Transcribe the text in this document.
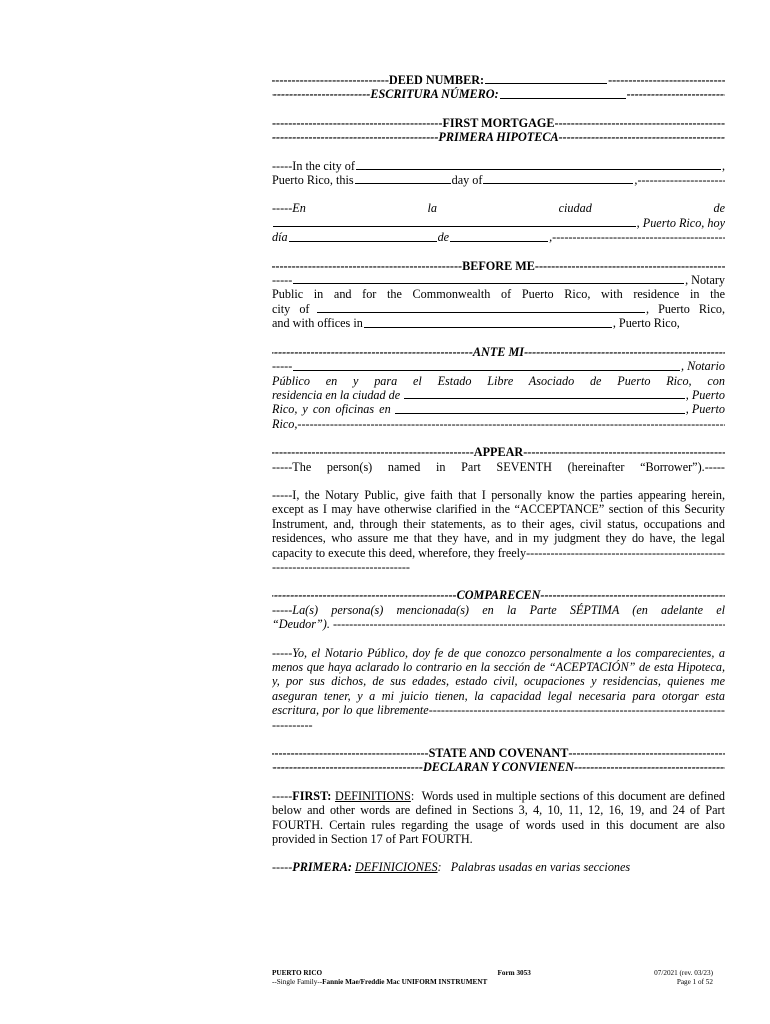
-----
DEED NUMBER:
-----
-----
ESCRITURA NÚMERO:
-----
-----
FIRST MORTGAGE
-----
-----
PRIMERA HIPOTECA
-----
-----In the city of	,
Puerto Rico, this	day of	,
-----
-----En	la	ciudad	de
, Puerto Rico, hoy
día	de	,
-----
-----
BEFORE ME
-----
-----	, Notary
Public in and for the Commonwealth of Puerto Rico, with residence in the
city of	, Puerto Rico,
and with offices in	, Puerto Rico,
-----
ANTE MI
-----
-----	, Notario
Público en y para el Estado Libre Asociado de Puerto Rico, con
residencia en la ciudad de	, Puerto
Rico, y con oficinas en	, Puerto
Rico,
-----
-----
APPEAR
-----
-----The person(s) named in Part SEVENTH (hereinafter “Borrower”).-----
-----I, the Notary Public, give faith that I personally know the parties appearing herein, except as I may have otherwise clarified in the “ACCEPTANCE” section of this Security Instrument, and, through their statements, as to their ages, civil status, occupations and residences, who assure me that they have, and in my judgment they do have, the legal capacity to execute this deed, wherefore, they freely-----------------------------------------------------------------------------------
-----
COMPARECEN
-----
-----La(s) persona(s) mencionada(s) en la Parte SÉPTIMA (en adelante el
“Deudor”).

-----
-----Yo, el Notario Público, doy fe de que conozco personalmente a los comparecientes, a menos que haya aclarado lo contrario en la sección de “ACEPTACIÓN” de esta Hipoteca, y, por sus dichos, de sus edades, estado civil, ocupaciones y residencias, quienes me aseguran tener, y a mi juicio tienen, la capacidad legal necesaria para otorgar esta escritura, por lo que libremente-----------------------------------------------------------------------------------
-----
STATE AND COVENANT
-----
-----
DECLARAN Y CONVIENEN
-----
-----FIRST: DEFINITIONS: Words used in multiple sections of this document are defined below and other words are defined in Sections 3, 4, 10, 11, 12, 16, 19, and 24 of Part FOURTH. Certain rules regarding the usage of words used in this document are also provided in Section 17 of Part FOURTH.
-----PRIMERA: DEFINICIONES: Palabras usadas en varias secciones
PUERTO RICO	Form 3053	07/2021 (rev. 03/23)
--Single Family--Fannie Mae/Freddie Mac UNIFORM INSTRUMENT	Page 1 of 52
